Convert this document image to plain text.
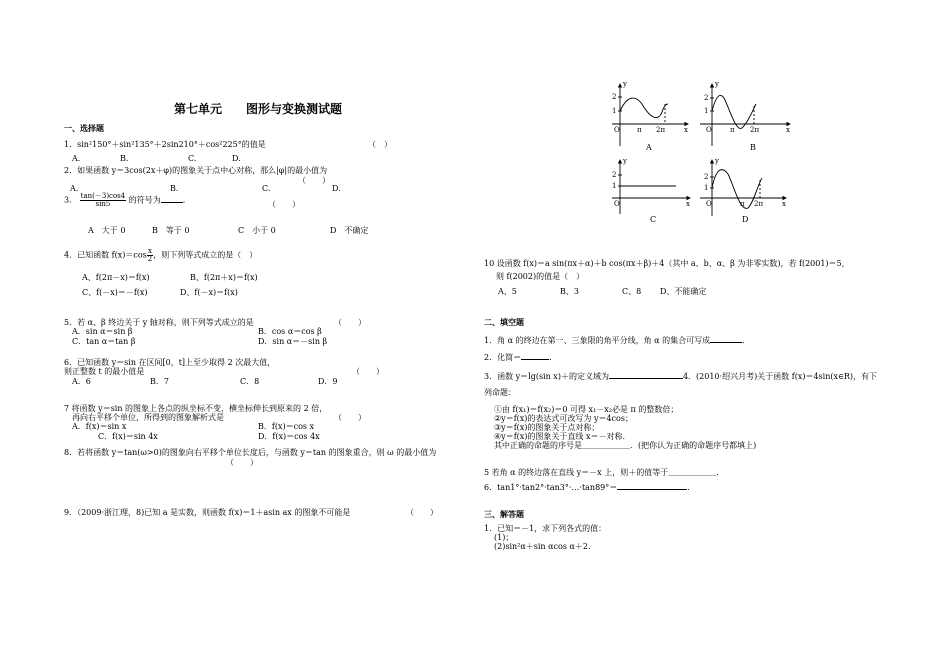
第七单元　　图形与变换测试题
一、选择题
1．sin²150°＋sin²135°＋2sin210°＋cos²225°的值是	（　）
A.	B.	C.	D.
2．如果函数 y＝3cos(2x＋φ)的图象关于点中心对称，那么|φ|的最小值为
（　　）
A.	B.	C.	D.
3． $\frac{\tan(-3)\cos 4}{\sin 5}$ 的符号为	.	（　　）
A　大于 0	B　等于 0	C　小于 0	D　不确定
4．已知函数 $f(x)=\cos \frac{x}{2}$ ，则下列等式成立的是（　）
A、f(2π－x)＝f(x)	B、f(2π＋x)＝f(x)
C、f(－x)＝－f(x)	D、f(－x)＝f(x)
5．若 α、β 终边关于 y 轴对称，则下列等式成立的是	（　　）
A．sin α＝sin β	B．cos α＝cos β
C．tan α＝tan β	D．sin α＝－sin β
6．已知函数 y＝sin 在区间[0，t]上至少取得 2 次最大值，
则正整数 t 的最小值是	（　　）
A．6	B．7	C．8	D．9
7 将函数 y＝sin 的图象上各点的纵坐标不变，横坐标伸长到原来的 2 倍，
再向右平移个单位，所得到的图象解析式是	（　　）
A．f(x)＝sin x	B．f(x)＝cos x
C．f(x)＝sin 4x	D．f(x)＝cos 4x
8．若将函数 y＝tan(ω>0)的图象向右平移个单位长度后，与函数 y＝tan 的图象重合，则 ω 的最小值为
（　　）
9．（2009·浙江理，8)已知 a 是实数，则函数 f(x)＝1＋asin ax 的图象不可能是	（　　）
O
2
1
y
x
π 2π
A
O
2
1
y
x
π 2π
B
O
2
1
y
x
C
O
2
1
y
x
π 2π
D
10 设函数 f(x)＝a sin(πx＋α)＋b cos(πx＋β)＋4（其中 a、b、α、β 为非零实数)，若 f(2001)＝5，
则 f(2002)的值是（　）
A、5	B、3	C、8 D、不能确定
二、填空题
1．角 α 的终边在第一、三象限的角平分线，角 α 的集合可写成	.
2．化简＝	.
3．函数 y＝lg(sin x)＋的定义域为	4．(2010·绍兴月考)关于函数 f(x)＝4sin(x∈R)，有下
列命题：
①由 f(x₁)＝f(x₂)＝0 可得 x₁－x₂必是 π 的整数倍；
②y＝f(x)的表达式可改写为 y＝4cos；
③y＝f(x)的图象关于点对称；
④y＝f(x)的图象关于直线 x＝－对称．
其中正确的命题的序号是＿＿＿＿＿＿．(把你认为正确的命题序号都填上)
5 若角 α 的终边落在直线 y＝－x 上，则＋的值等于＿＿＿＿＿＿．
6．tan1°·tan2°·tan3°·…·tan89°＝	.
三、解答题
1．已知＝－1，求下列各式的值：
(1)；
(2)sin²α＋sin αcos α＋2.
